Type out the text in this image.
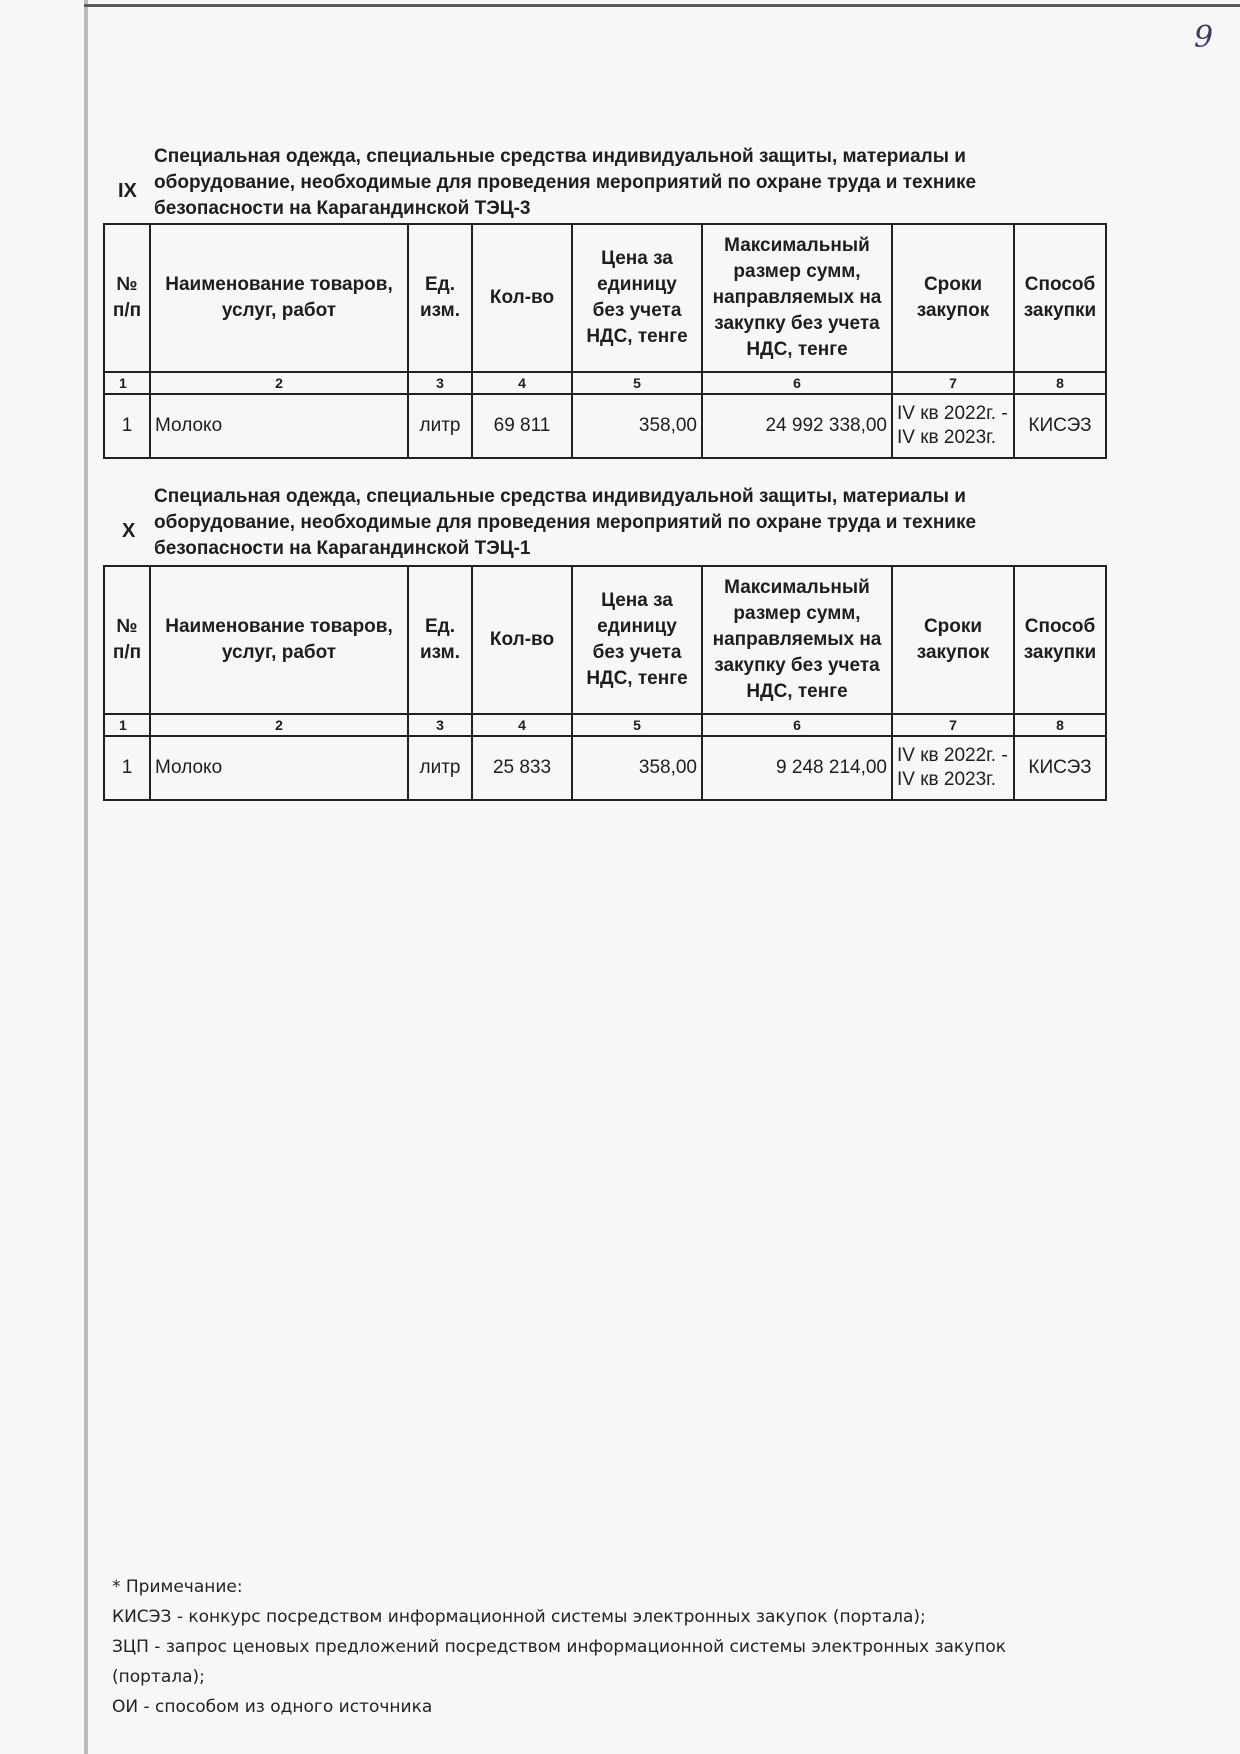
9
IX
Специальная одежда, специальные средства индивидуальной защиты, материалы и
оборудование, необходимые для проведения мероприятий по охране труда и технике
безопасности на Карагандинской ТЭЦ-3
№
п/п	Наименование товаров,
услуг, работ	Ед.
изм.	Кол-во	Цена за
единицу
без учета
НДС, тенге	Максимальный
размер сумм,
направляемых на
закупку без учета
НДС, тенге	Сроки
закупок	Способ
закупки
1	2	3	4	5	6	7	8
1	Молоко	литр	69 811	358,00	24 992 338,00	IV кв 2022г. -
IV кв 2023г.	КИСЭЗ
X
Специальная одежда, специальные средства индивидуальной защиты, материалы и
оборудование, необходимые для проведения мероприятий по охране труда и технике
безопасности на Карагандинской ТЭЦ-1
№
п/п	Наименование товаров,
услуг, работ	Ед.
изм.	Кол-во	Цена за
единицу
без учета
НДС, тенге	Максимальный
размер сумм,
направляемых на
закупку без учета
НДС, тенге	Сроки
закупок	Способ
закупки
1	2	3	4	5	6	7	8
1	Молоко	литр	25 833	358,00	9 248 214,00	IV кв 2022г. -
IV кв 2023г.	КИСЭЗ
* Примечание:
КИСЭЗ - конкурс посредством информационной системы электронных закупок (портала);
ЗЦП - запрос ценовых предложений посредством информационной системы электронных закупок
(портала);
ОИ - способом из одного источника
